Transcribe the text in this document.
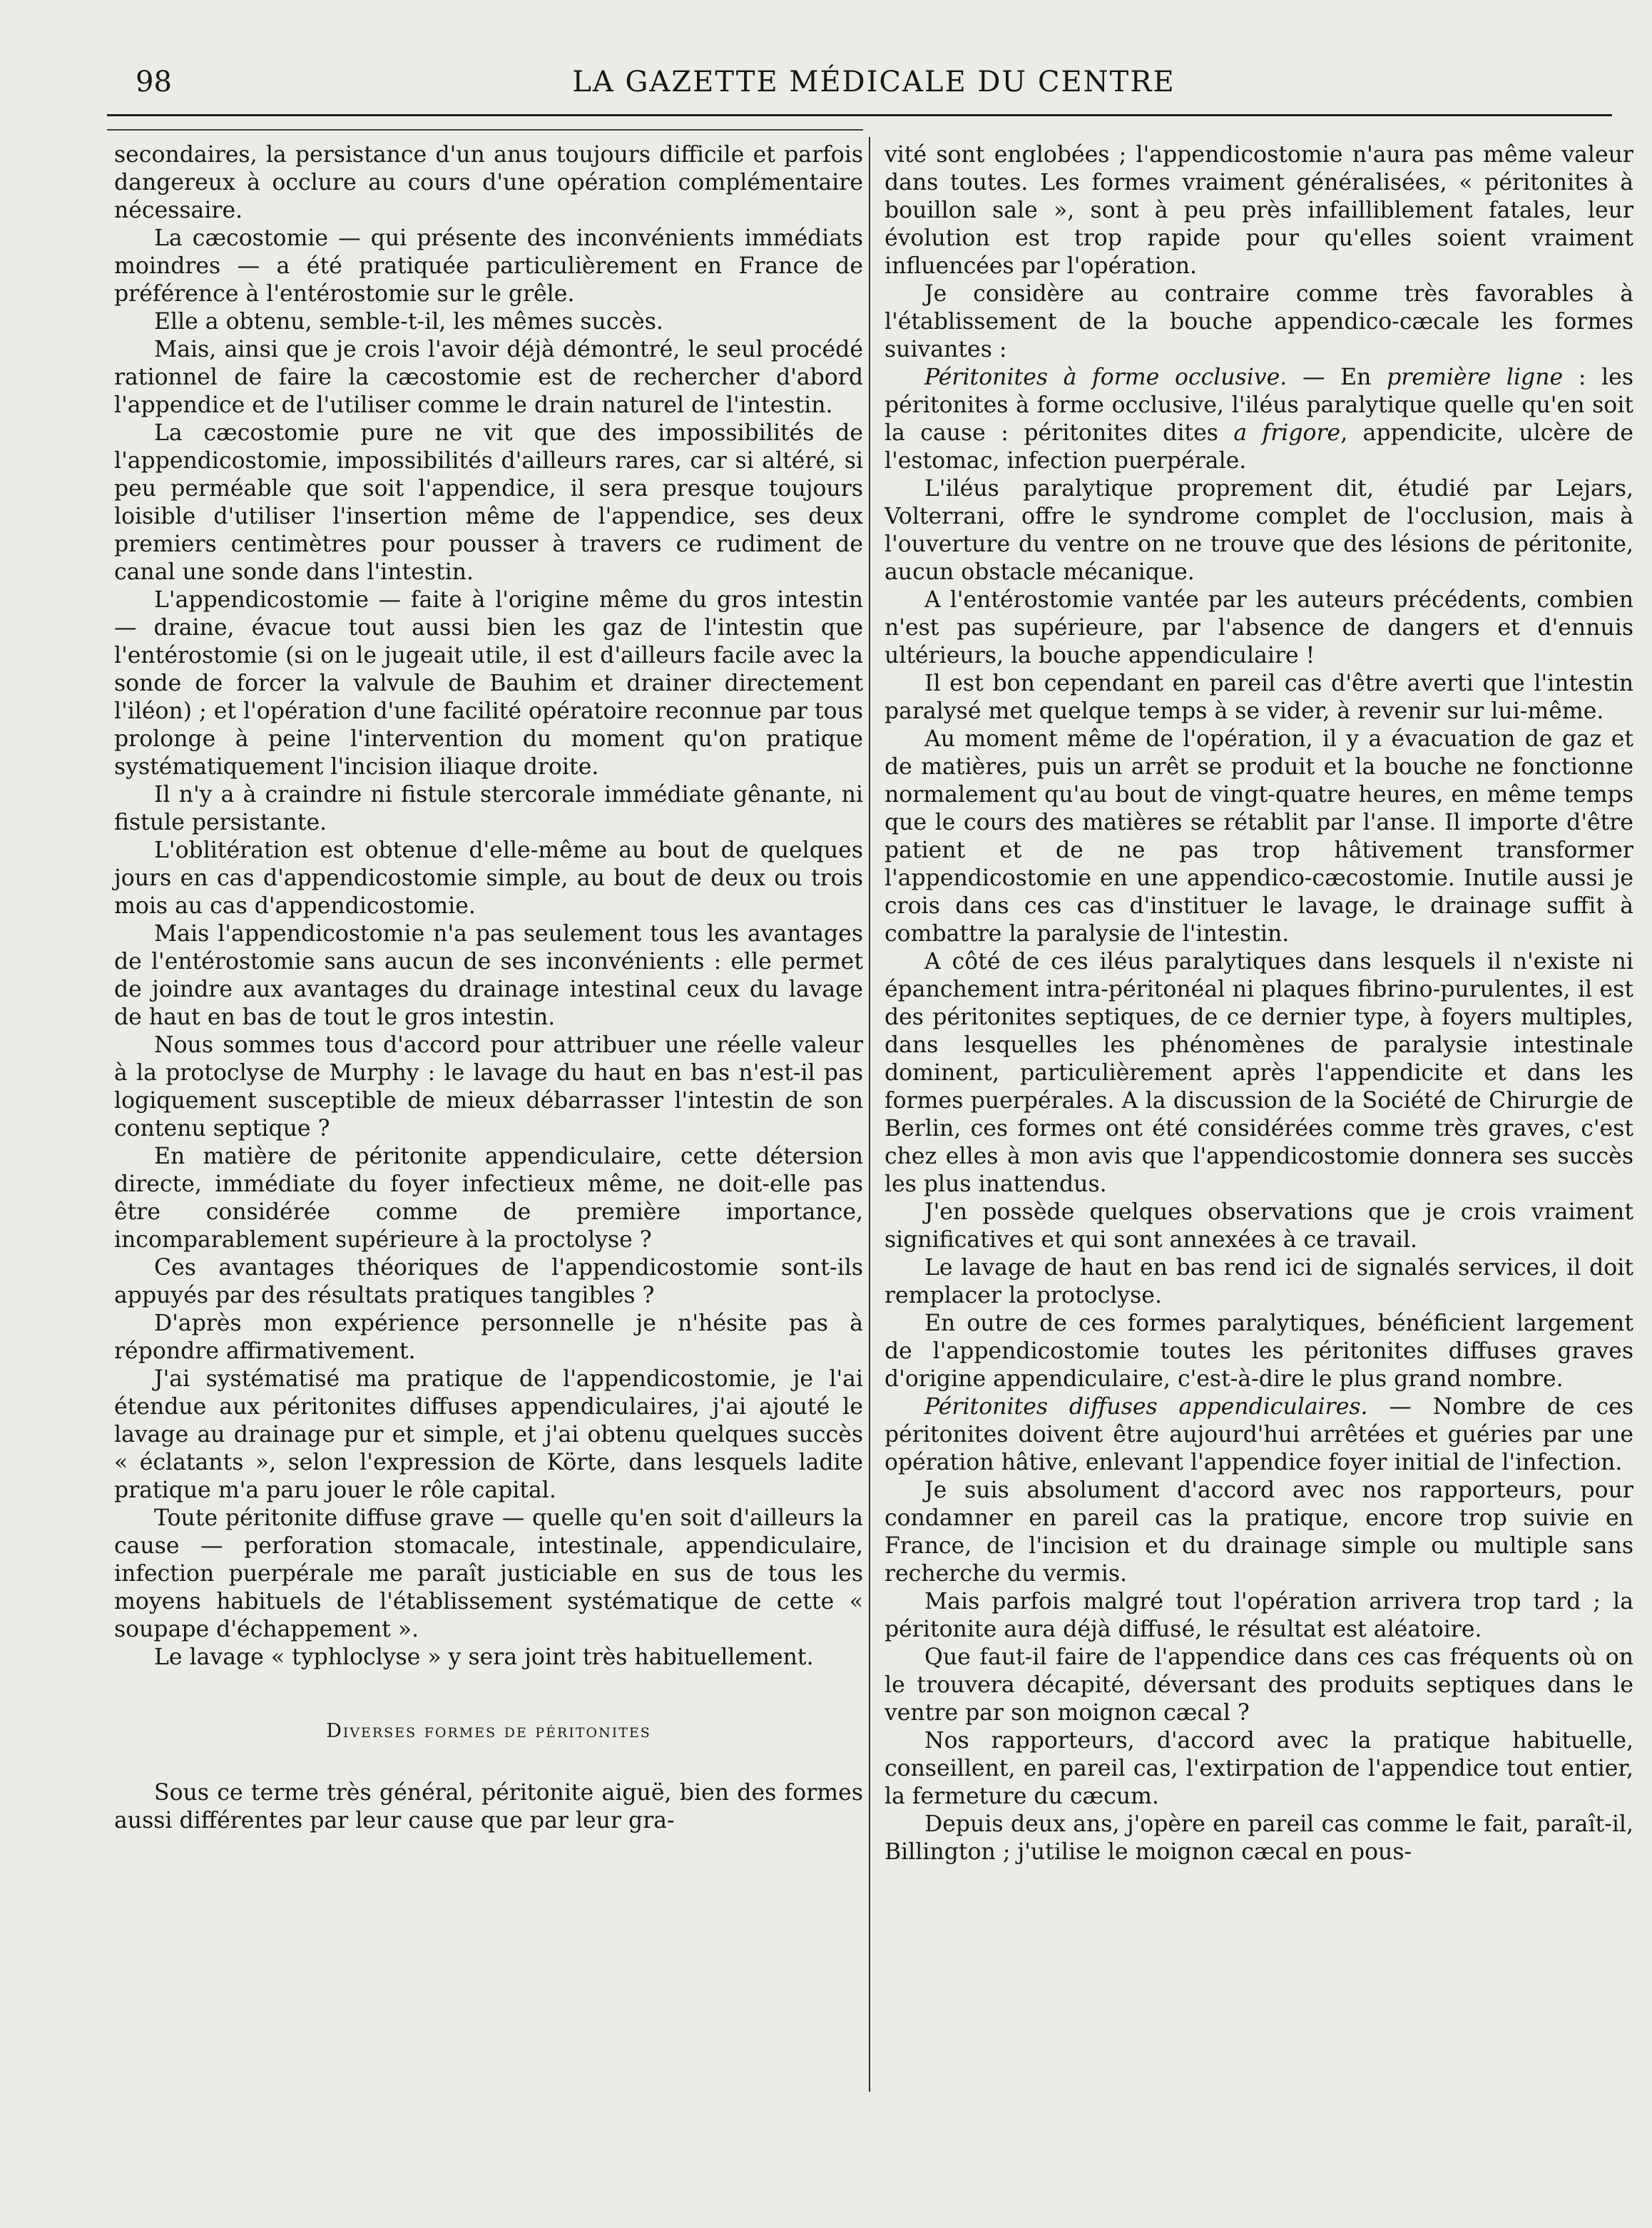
98	LA GAZETTE MÉDICALE DU CENTRE

secondaires, la persistance d'un anus toujours difficile et parfois dangereux à occlure au cours d'une opération complémentaire nécessaire.

La cæcostomie — qui présente des inconvénients immédiats moindres — a été pratiquée particulièrement en France de préférence à l'entérostomie sur le grêle.

Elle a obtenu, semble-t-il, les mêmes succès.

Mais, ainsi que je crois l'avoir déjà démontré, le seul procédé rationnel de faire la cæcostomie est de rechercher d'abord l'appendice et de l'utiliser comme le drain naturel de l'intestin.

La cæcostomie pure ne vit que des impossibilités de l'appendicostomie, impossibilités d'ailleurs rares, car si altéré, si peu perméable que soit l'appendice, il sera presque toujours loisible d'utiliser l'insertion même de l'appendice, ses deux premiers centimètres pour pousser à travers ce rudiment de canal une sonde dans l'intestin.

L'appendicostomie — faite à l'origine même du gros intestin — draine, évacue tout aussi bien les gaz de l'intestin que l'entérostomie (si on le jugeait utile, il est d'ailleurs facile avec la sonde de forcer la valvule de Bauhim et drainer directement l'iléon) ; et l'opération d'une facilité opératoire reconnue par tous prolonge à peine l'intervention du moment qu'on pratique systématiquement l'incision iliaque droite.

Il n'y a à craindre ni fistule stercorale immédiate gênante, ni fistule persistante.

L'oblitération est obtenue d'elle-même au bout de quelques jours en cas d'appendicostomie simple, au bout de deux ou trois mois au cas d'appendicostomie.

Mais l'appendicostomie n'a pas seulement tous les avantages de l'entérostomie sans aucun de ses inconvénients : elle permet de joindre aux avantages du drainage intestinal ceux du lavage de haut en bas de tout le gros intestin.

Nous sommes tous d'accord pour attribuer une réelle valeur à la protoclyse de Murphy : le lavage du haut en bas n'est-il pas logiquement susceptible de mieux débarrasser l'intestin de son contenu septique ?

En matière de péritonite appendiculaire, cette détersion directe, immédiate du foyer infectieux même, ne doit-elle pas être considérée comme de première importance, incomparablement supérieure à la proctolyse ?

Ces avantages théoriques de l'appendicostomie sont-ils appuyés par des résultats pratiques tangibles ?

D'après mon expérience personnelle je n'hésite pas à répondre affirmativement.

J'ai systématisé ma pratique de l'appendicostomie, je l'ai étendue aux péritonites diffuses appendiculaires, j'ai ajouté le lavage au drainage pur et simple, et j'ai obtenu quelques succès « éclatants », selon l'expression de Körte, dans lesquels ladite pratique m'a paru jouer le rôle capital.

Toute péritonite diffuse grave — quelle qu'en soit d'ailleurs la cause — perforation stomacale, intestinale, appendiculaire, infection puerpérale me paraît justiciable en sus de tous les moyens habituels de l'établissement systématique de cette « soupape d'échappement ».

Le lavage « typhloclyse » y sera joint très habituellement.

Diverses formes de péritonites

Sous ce terme très général, péritonite aiguë, bien des formes aussi différentes par leur cause que par leur gra-

vité sont englobées ; l'appendicostomie n'aura pas même valeur dans toutes. Les formes vraiment généralisées, « péritonites à bouillon sale », sont à peu près infailliblement fatales, leur évolution est trop rapide pour qu'elles soient vraiment influencées par l'opération.

Je considère au contraire comme très favorables à l'établissement de la bouche appendico-cæcale les formes suivantes :

Péritonites à forme occlusive. — En première ligne : les péritonites à forme occlusive, l'iléus paralytique quelle qu'en soit la cause : péritonites dites a frigore, appendicite, ulcère de l'estomac, infection puerpérale.

L'iléus paralytique proprement dit, étudié par Lejars, Volterrani, offre le syndrome complet de l'occlusion, mais à l'ouverture du ventre on ne trouve que des lésions de péritonite, aucun obstacle mécanique.

A l'entérostomie vantée par les auteurs précédents, combien n'est pas supérieure, par l'absence de dangers et d'ennuis ultérieurs, la bouche appendiculaire !

Il est bon cependant en pareil cas d'être averti que l'intestin paralysé met quelque temps à se vider, à revenir sur lui-même.

Au moment même de l'opération, il y a évacuation de gaz et de matières, puis un arrêt se produit et la bouche ne fonctionne normalement qu'au bout de vingt-quatre heures, en même temps que le cours des matières se rétablit par l'anse. Il importe d'être patient et de ne pas trop hâtivement transformer l'appendicostomie en une appendico-cæcostomie. Inutile aussi je crois dans ces cas d'instituer le lavage, le drainage suffit à combattre la paralysie de l'intestin.

A côté de ces iléus paralytiques dans lesquels il n'existe ni épanchement intra-péritonéal ni plaques fibrino-purulentes, il est des péritonites septiques, de ce dernier type, à foyers multiples, dans lesquelles les phénomènes de paralysie intestinale dominent, particulièrement après l'appendicite et dans les formes puerpérales. A la discussion de la Société de Chirurgie de Berlin, ces formes ont été considérées comme très graves, c'est chez elles à mon avis que l'appendicostomie donnera ses succès les plus inattendus.

J'en possède quelques observations que je crois vraiment significatives et qui sont annexées à ce travail.

Le lavage de haut en bas rend ici de signalés services, il doit remplacer la protoclyse.

En outre de ces formes paralytiques, bénéficient largement de l'appendicostomie toutes les péritonites diffuses graves d'origine appendiculaire, c'est-à-dire le plus grand nombre.

Péritonites diffuses appendiculaires. — Nombre de ces péritonites doivent être aujourd'hui arrêtées et guéries par une opération hâtive, enlevant l'appendice foyer initial de l'infection.

Je suis absolument d'accord avec nos rapporteurs, pour condamner en pareil cas la pratique, encore trop suivie en France, de l'incision et du drainage simple ou multiple sans recherche du vermis.

Mais parfois malgré tout l'opération arrivera trop tard ; la péritonite aura déjà diffusé, le résultat est aléatoire.

Que faut-il faire de l'appendice dans ces cas fréquents où on le trouvera décapité, déversant des produits septiques dans le ventre par son moignon cæcal ?

Nos rapporteurs, d'accord avec la pratique habituelle, conseillent, en pareil cas, l'extirpation de l'appendice tout entier, la fermeture du cæcum.

Depuis deux ans, j'opère en pareil cas comme le fait, paraît-il, Billington ; j'utilise le moignon cæcal en pous-
